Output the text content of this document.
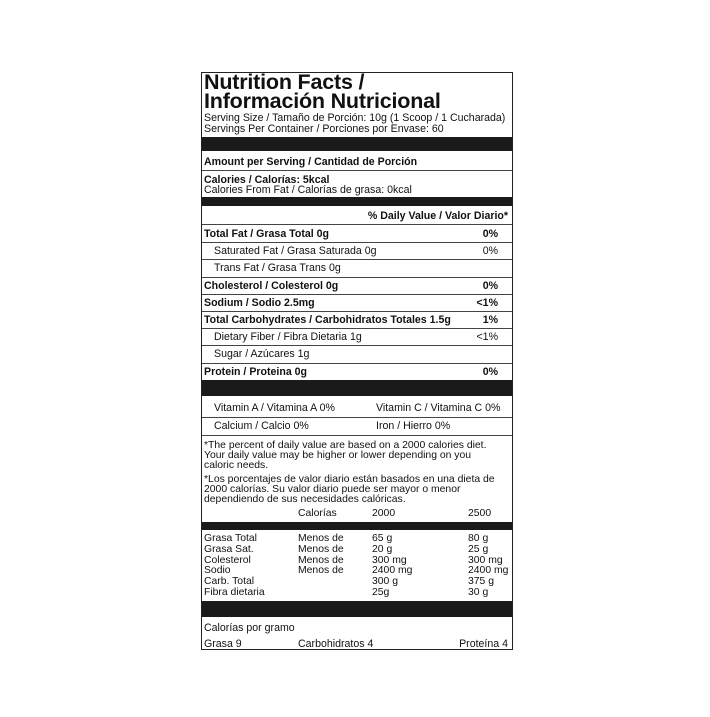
Nutrition Facts /
Información Nutricional
Serving Size / Tamaño de Porción: 10g (1 Scoop / 1 Cucharada)
Servings Per Container / Porciones por Envase: 60
Amount per Serving / Cantidad de Porción
Calories / Calorías: 5kcal
Calories From Fat / Calorías de grasa: 0kcal
% Daily Value / Valor Diario*
Total Fat / Grasa Total 0g	0%
Saturated Fat / Grasa Saturada 0g	0%
Trans Fat / Grasa Trans 0g
Cholesterol / Colesterol 0g	0%
Sodium / Sodio 2.5mg	<1%
Total Carbohydrates / Carbohidratos Totales 1.5g	1%
Dietary Fiber / Fibra Dietaria 1g	<1%
Sugar / Azúcares 1g
Protein / Proteina 0g	0%
Vitamin A / Vitamina A 0%	Vitamin C / Vitamina C 0%
Calcium / Calcio 0%	Iron / Hierro 0%
*The percent of daily value are based on a 2000 calories diet.
Your daily value may be higher or lower depending on you
caloric needs.
*Los porcentajes de valor diario están basados en una dieta de
2000 calorías. Su valor diario puede ser mayor o menor
dependiendo de sus necesidades calóricas.
Calorías	2000	2500
Grasa Total	Menos de	65 g	80 g
Grasa Sat.	Menos de	20 g	25 g
Colesterol	Menos de	300 mg	300 mg
Sodio	Menos de	2400 mg	2400 mg
Carb. Total	300 g	375 g
Fibra dietaria	25g	30 g
Calorías por gramo
Grasa 9	Carbohidratos 4	Proteína 4
